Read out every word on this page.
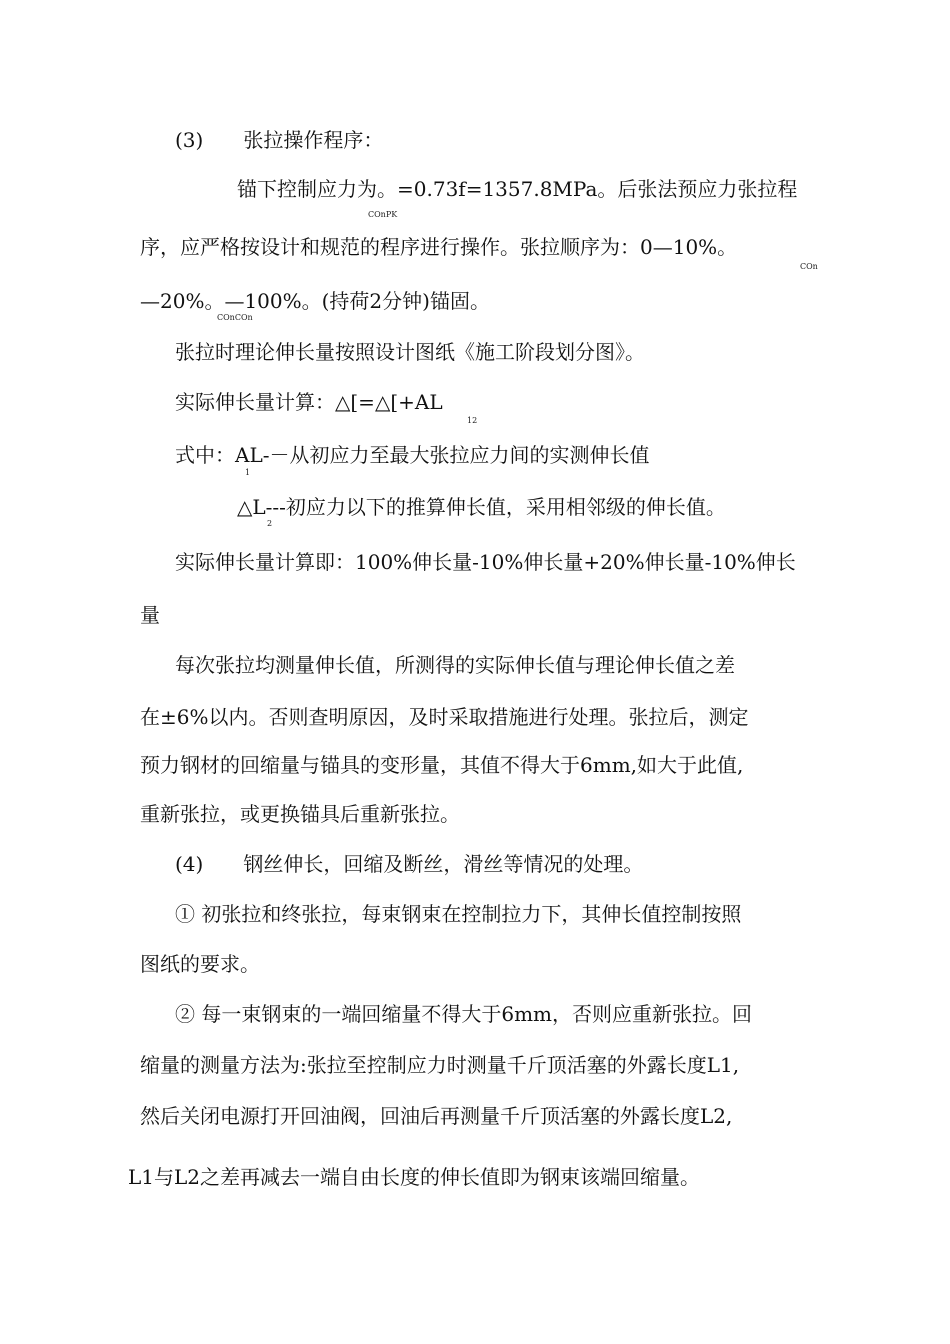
(3) 张拉操作程序：
锚下控制应力为。=0.73f=1357.8MPa。后张法预应力张拉程
COnPK
序，应严格按设计和规范的程序进行操作。张拉顺序为：0—10%。
COn
—20%。—100%。(持荷2分钟)锚固。
COnCOn
张拉时理论伸长量按照设计图纸《施工阶段划分图》。
实际伸长量计算：△[=△[+AL
12
式中：AL-－从初应力至最大张拉应力间的实测伸长值
1
△L---初应力以下的推算伸长值，采用相邻级的伸长值。
2
实际伸长量计算即：100%伸长量-10%伸长量+20%伸长量-10%伸长
量
每次张拉均测量伸长值，所测得的实际伸长值与理论伸长值之差
在±6%以内。否则查明原因，及时采取措施进行处理。张拉后，测定
预力钢材的回缩量与锚具的变形量，其值不得大于6mm,如大于此值,
重新张拉，或更换锚具后重新张拉。
(4) 钢丝伸长，回缩及断丝，滑丝等情况的处理。
① 初张拉和终张拉，每束钢束在控制拉力下，其伸长值控制按照
图纸的要求。
② 每一束钢束的一端回缩量不得大于6mm，否则应重新张拉。回
缩量的测量方法为:张拉至控制应力时测量千斤顶活塞的外露长度L1,
然后关闭电源打开回油阀，回油后再测量千斤顶活塞的外露长度L2,
L1与L2之差再减去一端自由长度的伸长值即为钢束该端回缩量。
